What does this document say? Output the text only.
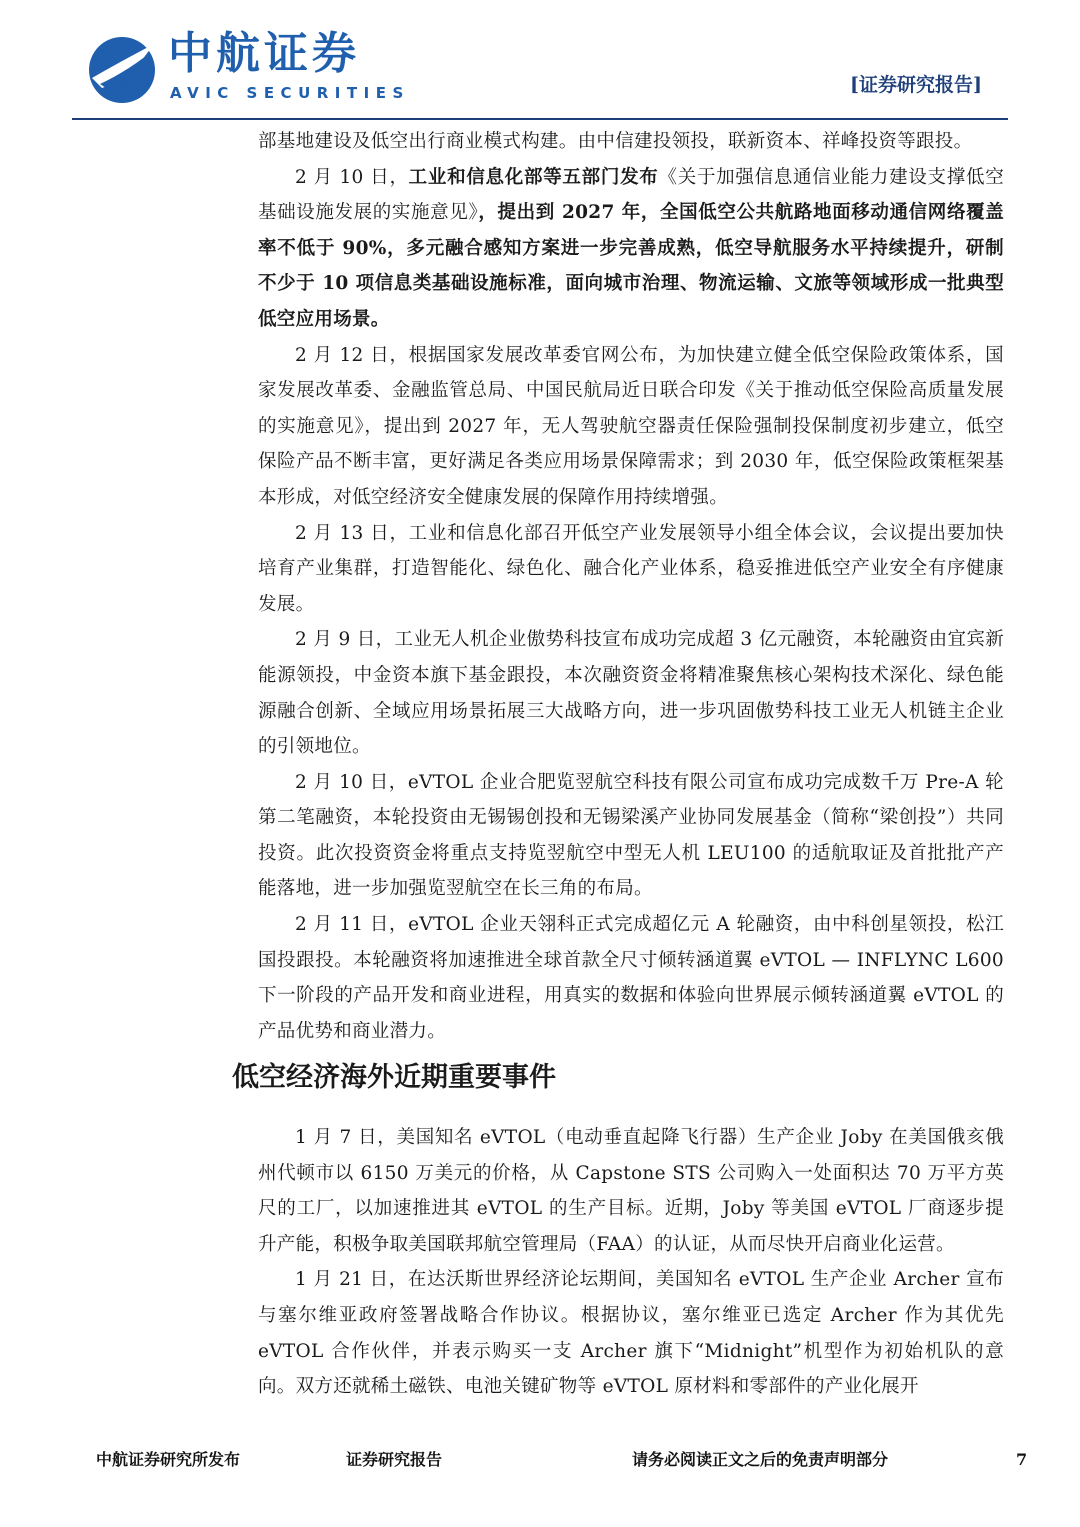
AVIC
中航证券
AVIC SECURITIES	[证券研究报告]

部基地建设及低空出行商业模式构建。由中信建投领投，联新资本、祥峰投资等跟投。

2 月 10 日，工业和信息化部等五部门发布《关于加强信息通信业能力建设支撑低空基础设施发展的实施意见》，提出到 2027 年，全国低空公共航路地面移动通信网络覆盖率不低于 90%，多元融合感知方案进一步完善成熟，低空导航服务水平持续提升，研制不少于 10 项信息类基础设施标准，面向城市治理、物流运输、文旅等领域形成一批典型低空应用场景。

2 月 12 日，根据国家发展改革委官网公布，为加快建立健全低空保险政策体系，国家发展改革委、金融监管总局、中国民航局近日联合印发《关于推动低空保险高质量发展的实施意见》，提出到 2027 年，无人驾驶航空器责任保险强制投保制度初步建立，低空保险产品不断丰富，更好满足各类应用场景保障需求；到 2030 年，低空保险政策框架基本形成，对低空经济安全健康发展的保障作用持续增强。

2 月 13 日，工业和信息化部召开低空产业发展领导小组全体会议，会议提出要加快培育产业集群，打造智能化、绿色化、融合化产业体系，稳妥推进低空产业安全有序健康发展。

2 月 9 日，工业无人机企业傲势科技宣布成功完成超 3 亿元融资，本轮融资由宜宾新能源领投，中金资本旗下基金跟投，本次融资资金将精准聚焦核心架构技术深化、绿色能源融合创新、全域应用场景拓展三大战略方向，进一步巩固傲势科技工业无人机链主企业的引领地位。

2 月 10 日，eVTOL 企业合肥览翌航空科技有限公司宣布成功完成数千万 Pre-A 轮第二笔融资，本轮投资由无锡锡创投和无锡梁溪产业协同发展基金（简称“梁创投”）共同投资。此次投资资金将重点支持览翌航空中型无人机 LEU100 的适航取证及首批批产产能落地，进一步加强览翌航空在长三角的布局。

2 月 11 日，eVTOL 企业天翎科正式完成超亿元 A 轮融资，由中科创星领投，松江国投跟投。本轮融资将加速推进全球首款全尺寸倾转涵道翼 eVTOL — INFLYNC L600 下一阶段的产品开发和商业进程，用真实的数据和体验向世界展示倾转涵道翼 eVTOL 的产品优势和商业潜力。

低空经济海外近期重要事件

1 月 7 日，美国知名 eVTOL（电动垂直起降飞行器）生产企业 Joby 在美国俄亥俄州代顿市以 6150 万美元的价格，从 Capstone STS 公司购入一处面积达 70 万平方英尺的工厂，以加速推进其 eVTOL 的生产目标。近期，Joby 等美国 eVTOL 厂商逐步提升产能，积极争取美国联邦航空管理局（FAA）的认证，从而尽快开启商业化运营。

1 月 21 日，在达沃斯世界经济论坛期间，美国知名 eVTOL 生产企业 Archer 宣布与塞尔维亚政府签署战略合作协议。根据协议，塞尔维亚已选定 Archer 作为其优先 eVTOL 合作伙伴，并表示购买一支 Archer 旗下“Midnight”机型作为初始机队的意向。双方还就稀土磁铁、电池关键矿物等 eVTOL 原材料和零部件的产业化展开

中航证券研究所发布	证券研究报告	请务必阅读正文之后的免责声明部分	7
